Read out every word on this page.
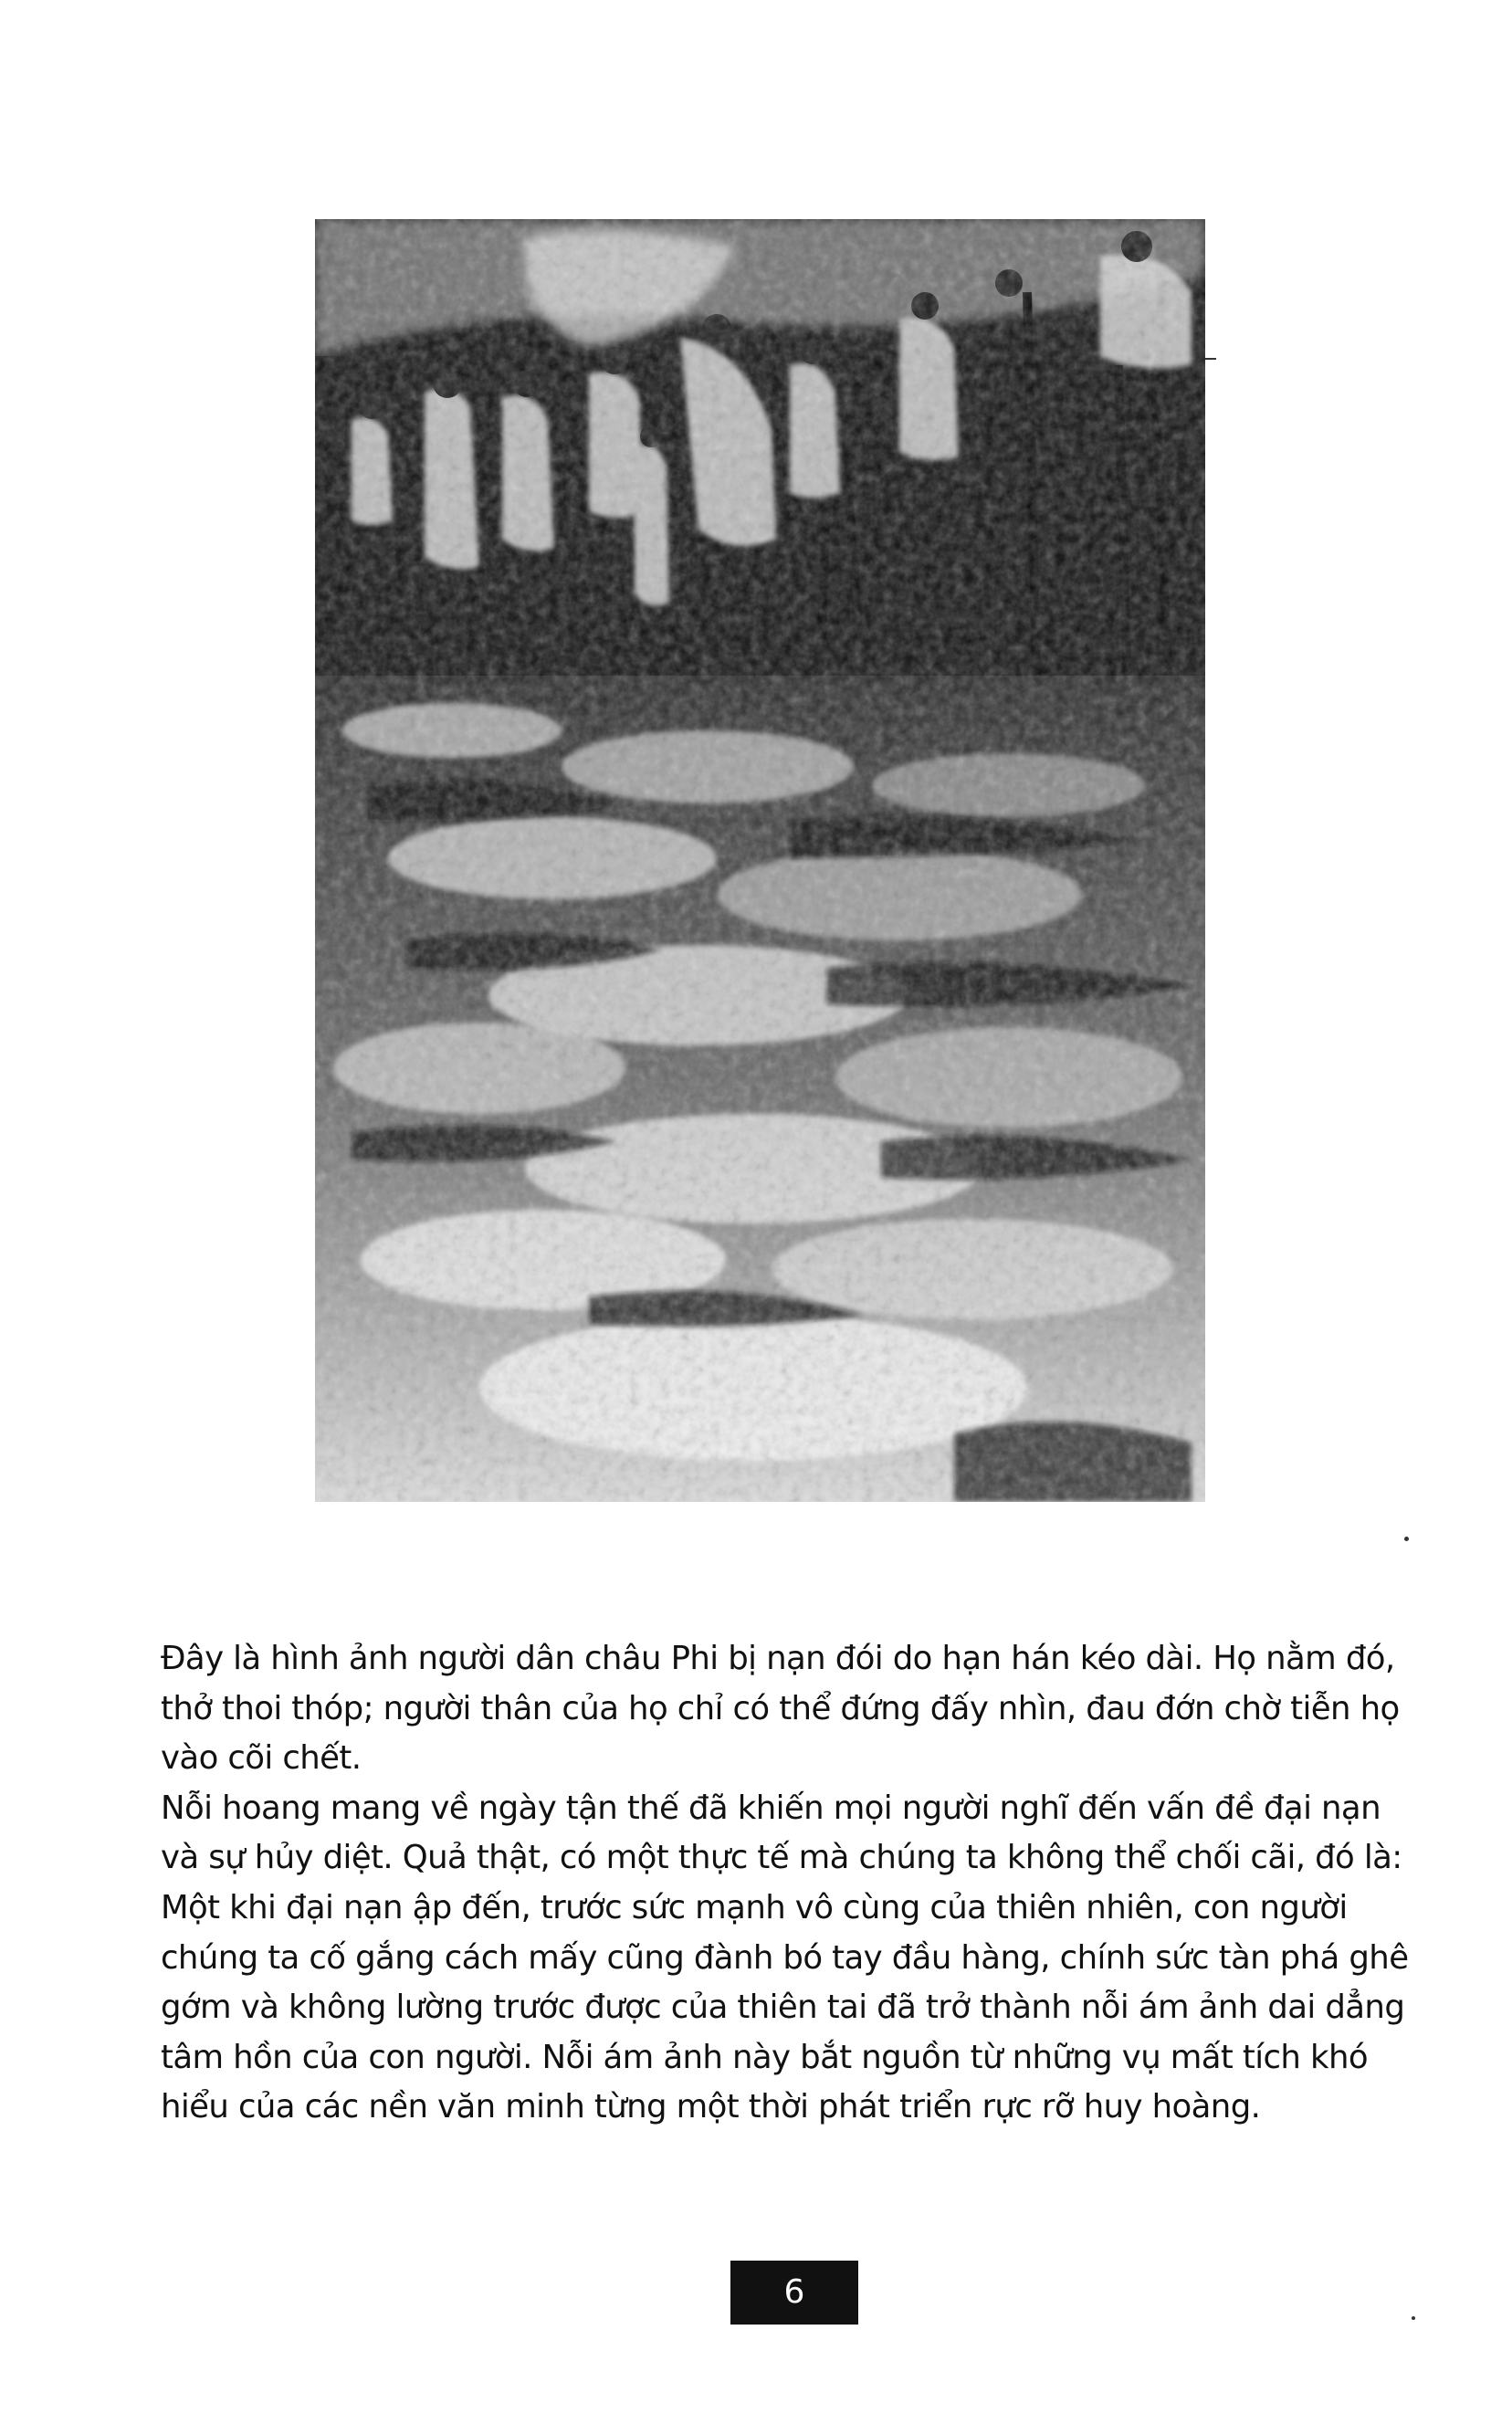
Đây là hình ảnh người dân châu Phi bị nạn đói do hạn hán kéo dài. Họ nằm đó, thở thoi thóp; người thân của họ chỉ có thể đứng đấy nhìn, đau đớn chờ tiễn họ vào cõi chết.

Nỗi hoang mang về ngày tận thế đã khiến mọi người nghĩ đến vấn đề đại nạn và sự hủy diệt. Quả thật, có một thực tế mà chúng ta không thể chối cãi, đó là: Một khi đại nạn ập đến, trước sức mạnh vô cùng của thiên nhiên, con người chúng ta cố gắng cách mấy cũng đành bó tay đầu hàng, chính sức tàn phá ghê gớm và không lường trước được của thiên tai đã trở thành nỗi ám ảnh dai dẳng tâm hồn của con người. Nỗi ám ảnh này bắt nguồn từ những vụ mất tích khó hiểu của các nền văn minh từng một thời phát triển rực rỡ huy hoàng.

6
